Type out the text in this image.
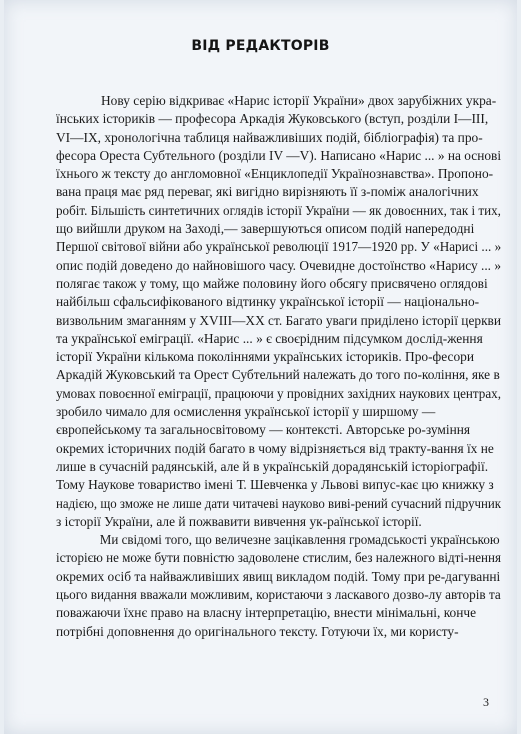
ВІД РЕДАКТОРІВ
Нову серію відкриває «Нарис історії України» двох зарубіжних укра-
їнських істориків — професора Аркадія Жуковського (вступ, розділи І—ІІІ,
VI—IX, хронологічна таблиця найважливіших подій, бібліографія) та про-
фесора Ореста Субтельного (розділи IV —V). Написано «Нарис ... » на основі
їхнього ж тексту до англомовної «Енциклопедії Українознавства». Пропоно-
вана праця має ряд переваг, які вигідно вирізняють її з-поміж аналогічних
робіт. Більшість синтетичних оглядів історії України — як довоєнних, так і тих,
що вийшли друком на Заході,— завершуються описом подій напередодні
Першої світової війни або української революції 1917—1920 рр. У «Нарисі ... »
опис подій доведено до найновішого часу. Очевидне достоїнство «Нарису ... »
полягає також у тому, що майже половину його обсягу присвячено оглядові
найбільш сфальсифікованого відтинку української історії — національно-
визвольним змаганням у XVIII—XX ст. Багато уваги приділено історії церкви
та української еміграції. «Нарис ... » є своєрідним підсумком дослід-ження
історії України кількома поколіннями українських істориків. Про-фесори
Аркадій Жуковський та Орест Субтельний належать до того по-коління, яке в
умовах повоєнної еміграції, працюючи у провідних західних наукових центрах,
зробило чимало для осмислення української історії у ширшому —
європейському та загальносвітовому — контексті. Авторське ро-зуміння
окремих історичних подій багато в чому відрізняється від тракту-вання їх не
лише в сучасній радянській, але й в українській дорадянській історіографії.
Тому Наукове товариство імені Т. Шевченка у Львові випус-кає цю книжку з
надією, що зможе не лише дати читачеві науково виві-рений сучасний підручник
з історії України, але й пожвавити вивчення ук-раїнської історії.
Ми свідомі того, що величезне зацікавлення громадськості українською
історією не може бути повністю задоволене стислим, без належного відті-нення
окремих осіб та найважливіших явищ викладом подій. Тому при ре-дагуванні
цього видання вважали можливим, користаючи з ласкавого дозво-лу авторів та
поважаючи їхнє право на власну інтерпретацію, внести мінімальні, конче
потрібні доповнення до оригінального тексту. Готуючи їх, ми користу-
3
